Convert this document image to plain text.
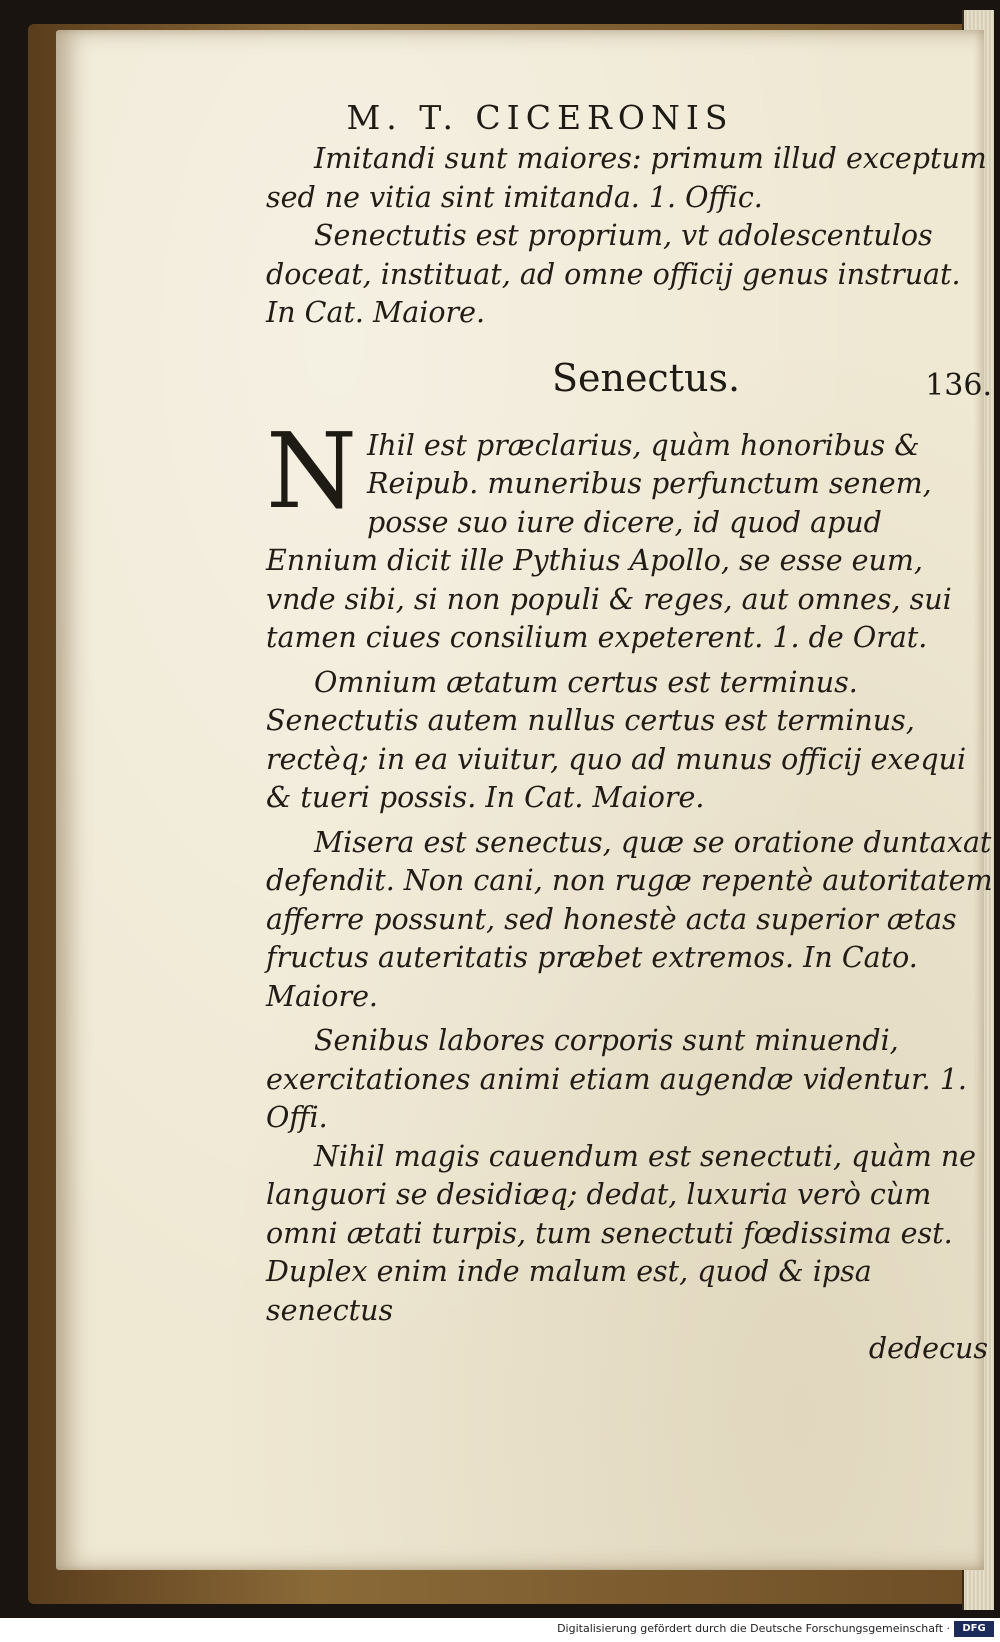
M. T. CICERONIS

Imitandi sunt maiores: primum illud exceptum sed ne vitia sint imitanda. 1. Offic.

Senectutis est proprium, vt adolescentulos doceat, instituat, ad omne officij genus instruat. In Cat. Maiore.

Senectus.	136.

N Ihil est præclarius, quàm honoribus & Reipub. muneribus perfunctum senem, posse suo iure dicere, id quod apud Ennium dicit ille Pythius Apollo, se esse eum, vnde sibi, si non populi & reges, aut omnes, sui tamen ciues consilium expeterent. 1. de Orat.

Omnium ætatum certus est terminus. Senectutis autem nullus certus est terminus, rectèq; in ea viuitur, quo ad munus officij exequi & tueri possis. In Cat. Maiore.

Misera est senectus, quæ se oratione duntaxat defendit. Non cani, non rugæ repentè autoritatem afferre possunt, sed honestè acta superior ætas fructus auteritatis præbet extremos. In Cato. Maiore.

Senibus labores corporis sunt minuendi, exercitationes animi etiam augendæ videntur. 1. Offi.

Nihil magis cauendum est senectuti, quàm ne languori se desidiæq; dedat, luxuria verò cùm omni ætati turpis, tum senectuti fœdissima est. Duplex enim inde malum est, quod & ipsa senectus

dedecus

Digitalisierung gefördert durch die Deutsche Forschungsgemeinschaft ·	DFG
